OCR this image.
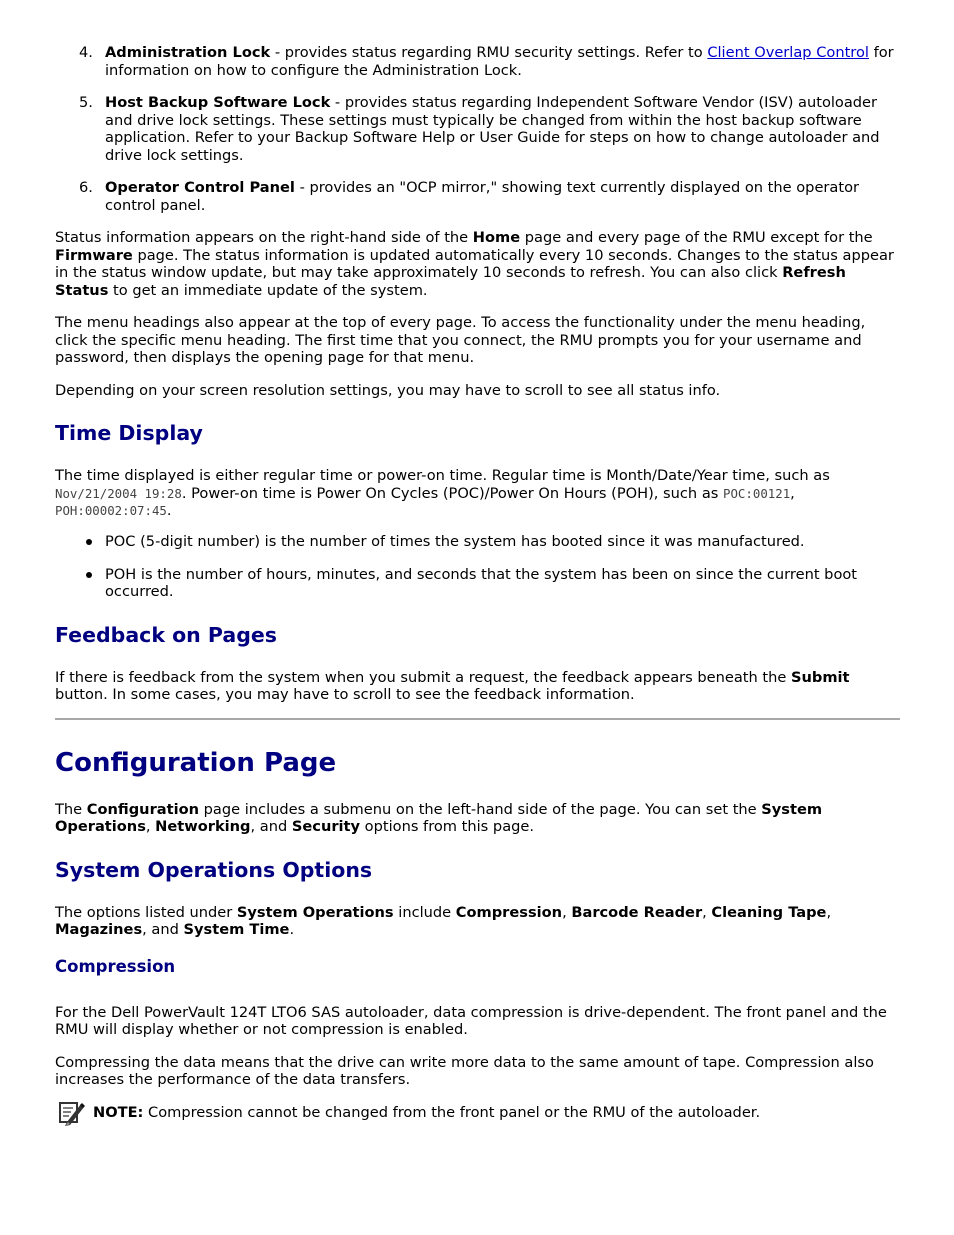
4. Administration Lock - provides status regarding RMU security settings. Refer to Client Overlap Control for information on how to configure the Administration Lock.
5. Host Backup Software Lock - provides status regarding Independent Software Vendor (ISV) autoloader and drive lock settings. These settings must typically be changed from within the host backup software application. Refer to your Backup Software Help or User Guide for steps on how to change autoloader and drive lock settings.
6. Operator Control Panel - provides an "OCP mirror," showing text currently displayed on the operator control panel.

Status information appears on the right-hand side of the Home page and every page of the RMU except for the Firmware page. The status information is updated automatically every 10 seconds. Changes to the status appear in the status window update, but may take approximately 10 seconds to refresh. You can also click Refresh Status to get an immediate update of the system.

The menu headings also appear at the top of every page. To access the functionality under the menu heading, click the specific menu heading. The first time that you connect, the RMU prompts you for your username and password, then displays the opening page for that menu.

Depending on your screen resolution settings, you may have to scroll to see all status info.

Time Display

The time displayed is either regular time or power-on time. Regular time is Month/Date/Year time, such as Nov/21/2004 19:28. Power-on time is Power On Cycles (POC)/Power On Hours (POH), such as POC:00121, POH:00002:07:45.

POC (5-digit number) is the number of times the system has booted since it was manufactured.
POH is the number of hours, minutes, and seconds that the system has been on since the current boot occurred.
Feedback on Pages

If there is feedback from the system when you submit a request, the feedback appears beneath the Submit button. In some cases, you may have to scroll to see the feedback information.

Configuration Page

The Configuration page includes a submenu on the left-hand side of the page. You can set the System Operations, Networking, and Security options from this page.

System Operations Options

The options listed under System Operations include Compression, Barcode Reader, Cleaning Tape, Magazines, and System Time.

Compression

For the Dell PowerVault 124T LTO6 SAS autoloader, data compression is drive-dependent. The front panel and the RMU will display whether or not compression is enabled.

Compressing the data means that the drive can write more data to the same amount of tape. Compression also increases the performance of the data transfers.

NOTE: Compression cannot be changed from the front panel or the RMU of the autoloader.
